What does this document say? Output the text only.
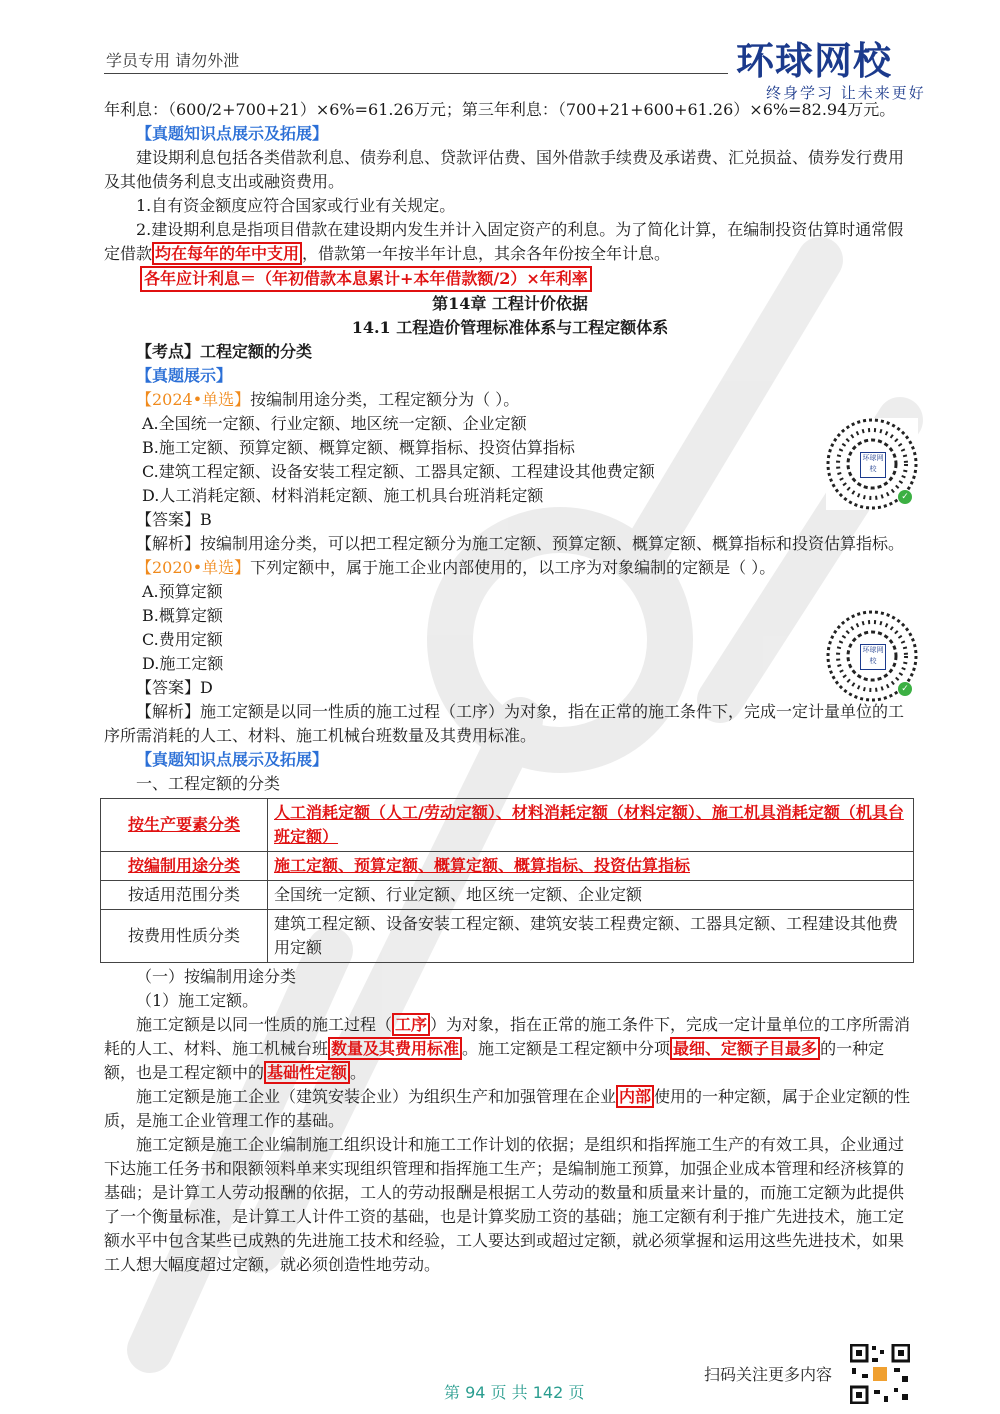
学员专用 请勿外泄	环球网校
终身学习 让未来更好

年利息：（600/2+700+21）×6%=61.26万元；第三年利息：（700+21+600+61.26）×6%=82.94万元。

【真题知识点展示及拓展】

建设期利息包括各类借款利息、债券利息、贷款评估费、国外借款手续费及承诺费、汇兑损益、债券发行费用及其他债务利息支出或融资费用。

1.自有资金额度应符合国家或行业有关规定。

2.建设期利息是指项目借款在建设期内发生并计入固定资产的利息。为了简化计算，在编制投资估算时通常假定借款 均在每年的年中支用 ，借款第一年按半年计息，其余各年份按全年计息。

各年应计利息＝（年初借款本息累计+本年借款额/2）×年利率

第14章 工程计价依据

14.1 工程造价管理标准体系与工程定额体系

【考点】工程定额的分类

【真题展示】

【2024•单选】按编制用途分类，工程定额分为（ ）。

A.全国统一定额、行业定额、地区统一定额、企业定额

B.施工定额、预算定额、概算定额、概算指标、投资估算指标

C.建筑工程定额、设备安装工程定额、工器具定额、工程建设其他费定额

D.人工消耗定额、材料消耗定额、施工机具台班消耗定额

【答案】B

【解析】按编制用途分类，可以把工程定额分为施工定额、预算定额、概算定额、概算指标和投资估算指标。

【2020•单选】下列定额中，属于施工企业内部使用的，以工序为对象编制的定额是（ ）。

A.预算定额

B.概算定额

C.费用定额

D.施工定额

【答案】D

【解析】施工定额是以同一性质的施工过程（工序）为对象，指在正常的施工条件下，完成一定计量单位的工序所需消耗的人工、材料、施工机械台班数量及其费用标准。

【真题知识点展示及拓展】

一、工程定额的分类

按生产要素分类	人工消耗定额（人工/劳动定额）、材料消耗定额（材料定额）、施工机具消耗定额（机具台班定额）
按编制用途分类	施工定额、预算定额、概算定额、概算指标、投资估算指标
按适用范围分类	全国统一定额、行业定额、地区统一定额、企业定额
按费用性质分类	建筑工程定额、设备安装工程定额、建筑安装工程费定额、工器具定额、工程建设其他费用定额

（一）按编制用途分类

（1）施工定额。

施工定额是以同一性质的施工过程（ 工序 ）为对象，指在正常的施工条件下，完成一定计量单位的工序所需消耗的人工、材料、施工机械台班 数量及其费用标准 。施工定额是工程定额中分项 最细、定额子目最多 的一种定额，也是工程定额中的 基础性定额 。

施工定额是施工企业（建筑安装企业）为组织生产和加强管理在企业 内部 使用的一种定额，属于企业定额的性质，是施工企业管理工作的基础。

施工定额是施工企业编制施工组织设计和施工工作计划的依据；是组织和指挥施工生产的有效工具，企业通过下达施工任务书和限额领料单来实现组织管理和指挥施工生产；是编制施工预算，加强企业成本管理和经济核算的基础；是计算工人劳动报酬的依据，工人的劳动报酬是根据工人劳动的数量和质量来计量的，而施工定额为此提供了一个衡量标准，是计算工人计件工资的基础，也是计算奖励工资的基础；施工定额有利于推广先进技术，施工定额水平中包含某些已成熟的先进施工技术和经验，工人要达到或超过定额，就必须掌握和运用这些先进技术，如果工人想大幅度超过定额，就必须创造性地劳动。

环球网校
✓
环球网校
✓
扫码关注更多内容
第 94 页 共 142 页
